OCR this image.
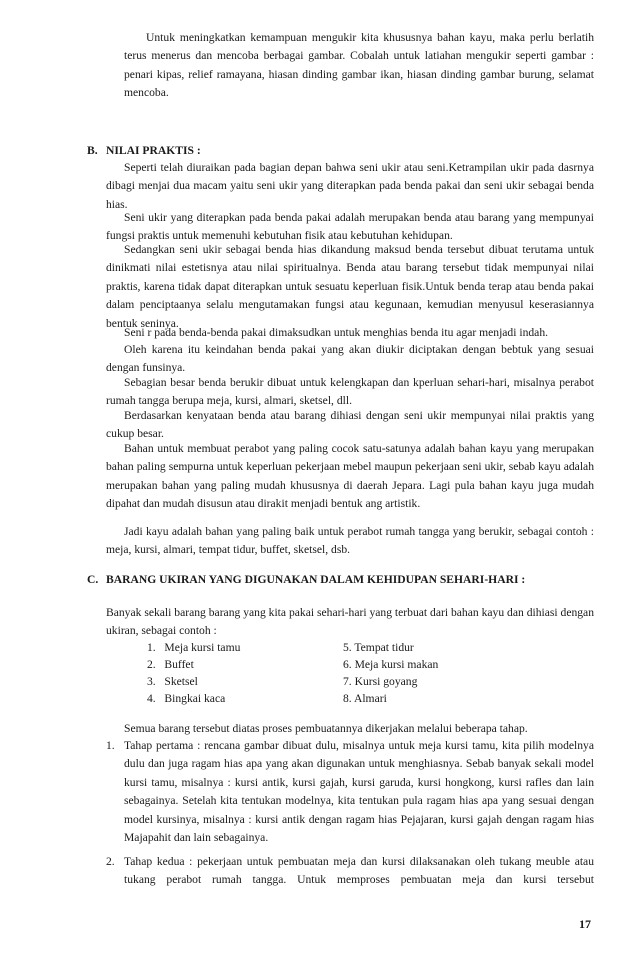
Untuk meningkatkan kemampuan mengukir kita khususnya bahan kayu, maka perlu berlatih terus menerus dan mencoba berbagai gambar. Cobalah untuk latiahan mengukir seperti gambar : penari kipas, relief ramayana, hiasan dinding gambar ikan, hiasan dinding gambar burung, selamat mencoba.
B. NILAI PRAKTIS :
Seperti telah diuraikan pada bagian depan bahwa seni ukir atau seni.Ketrampilan ukir pada dasrnya dibagi menjai dua macam yaitu seni ukir yang diterapkan pada benda pakai dan seni ukir sebagai benda hias.
Seni ukir yang diterapkan pada benda pakai adalah merupakan benda atau barang yang mempunyai fungsi praktis untuk memenuhi kebutuhan fisik atau kebutuhan kehidupan.
Sedangkan seni ukir sebagai benda hias dikandung maksud benda tersebut dibuat terutama untuk dinikmati nilai estetisnya atau nilai spiritualnya. Benda atau barang tersebut tidak mempunyai nilai praktis, karena tidak dapat diterapkan untuk sesuatu keperluan fisik.Untuk benda terap atau benda pakai dalam penciptaanya selalu mengutamakan fungsi atau kegunaan, kemudian menyusul keserasiannya bentuk seninya.
Seni r pada benda-benda pakai dimaksudkan untuk menghias benda itu agar menjadi indah.
Oleh karena itu keindahan benda pakai yang akan diukir diciptakan dengan bebtuk yang sesuai dengan funsinya.
Sebagian besar benda berukir dibuat untuk kelengkapan dan kperluan sehari-hari, misalnya perabot rumah tangga berupa meja, kursi, almari, sketsel, dll.
Berdasarkan kenyataan benda atau barang dihiasi dengan seni ukir mempunyai nilai praktis yang cukup besar.
Bahan untuk membuat perabot yang paling cocok satu-satunya adalah bahan kayu yang merupakan bahan paling sempurna untuk keperluan pekerjaan mebel maupun pekerjaan seni ukir, sebab kayu adalah merupakan bahan yang paling mudah khususnya di daerah Jepara. Lagi pula bahan kayu juga mudah dipahat dan mudah disusun atau dirakit menjadi bentuk ang artistik.
Jadi kayu adalah bahan yang paling baik untuk perabot rumah tangga yang berukir, sebagai contoh : meja, kursi, almari, tempat tidur, buffet, sketsel, dsb.
C. BARANG UKIRAN YANG DIGUNAKAN DALAM KEHIDUPAN SEHARI-HARI :
Banyak sekali barang barang yang kita pakai sehari-hari yang terbuat dari bahan kayu dan dihiasi dengan ukiran, sebagai contoh :
1.   Meja kursi tamu
2.   Buffet
3.   Sketsel
4.   Bingkai kaca
5. Tempat tidur
6. Meja kursi makan
7. Kursi goyang
8. Almari
Semua barang tersebut diatas proses pembuatannya dikerjakan melalui beberapa tahap.
1. Tahap pertama : rencana gambar dibuat dulu, misalnya untuk meja kursi tamu, kita pilih modelnya dulu dan juga ragam hias apa yang akan digunakan untuk menghiasnya. Sebab banyak sekali model kursi tamu, misalnya : kursi antik, kursi gajah, kursi garuda, kursi hongkong, kursi rafles dan lain sebagainya. Setelah kita tentukan modelnya, kita tentukan pula ragam hias apa yang sesuai dengan model kursinya, misalnya : kursi antik dengan ragam hias Pejajaran, kursi gajah dengan ragam hias Majapahit dan lain sebagainya.
2. Tahap kedua : pekerjaan untuk pembuatan meja dan kursi dilaksanakan oleh tukang meuble atau tukang perabot rumah tangga. Untuk memproses pembuatan meja dan kursi tersebut
17
